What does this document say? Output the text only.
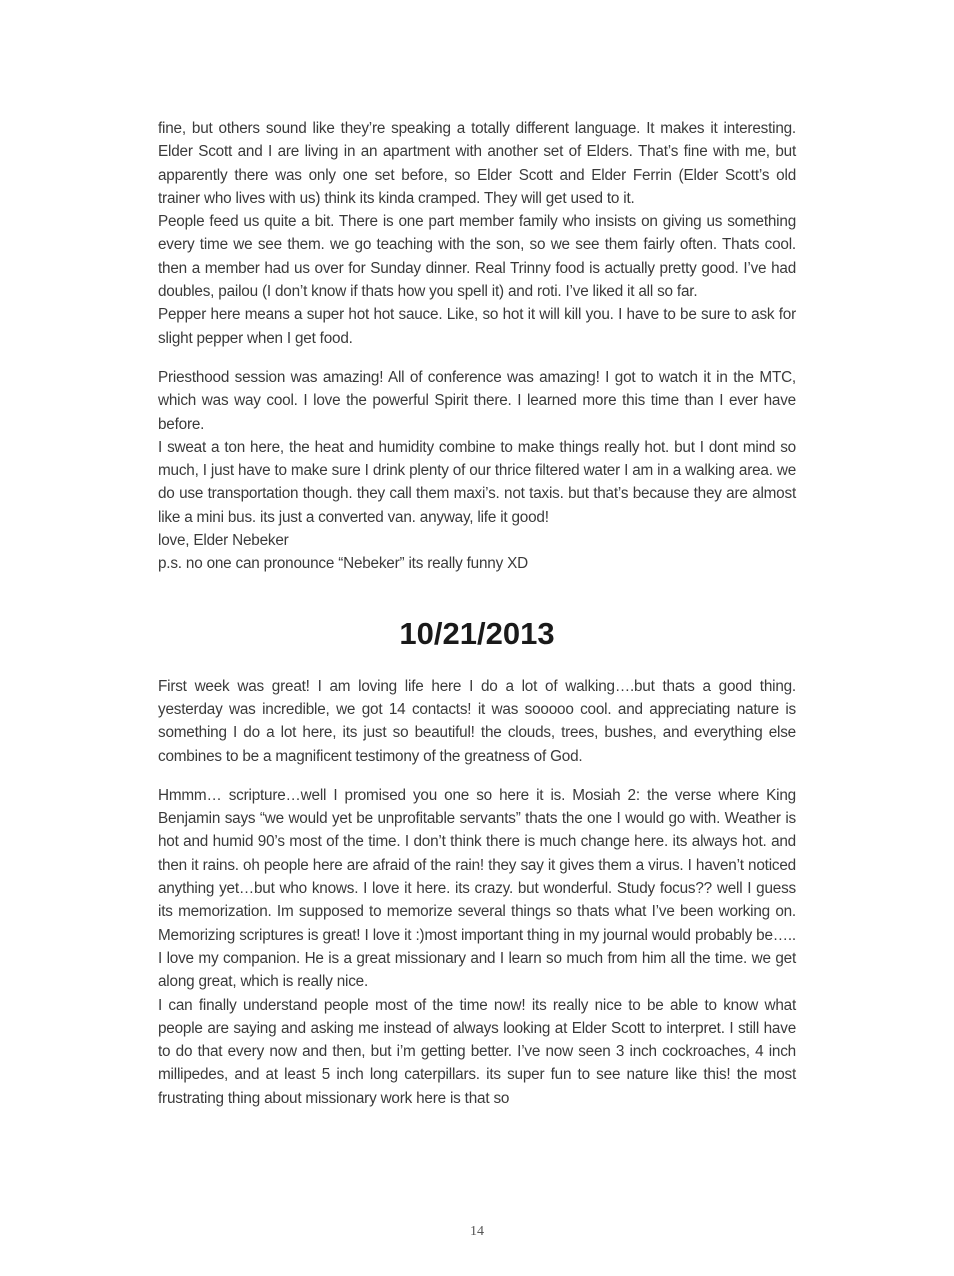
fine, but others sound like they’re speaking a totally different language. It makes it interesting. Elder Scott and I are living in an apartment with another set of Elders. That’s fine with me, but apparently there was only one set before, so Elder Scott and Elder Ferrin (Elder Scott’s old trainer who lives with us) think its kinda cramped. They will get used to it.

People feed us quite a bit. There is one part member family who insists on giving us something every time we see them. we go teaching with the son, so we see them fairly often. Thats cool. then a member had us over for Sunday dinner. Real Trinny food is actually pretty good. I’ve had doubles, pailou (I don’t know if thats how you spell it) and roti. I’ve liked it all so far.

Pepper here means a super hot hot sauce. Like, so hot it will kill you. I have to be sure to ask for slight pepper when I get food.

Priesthood session was amazing! All of conference was amazing! I got to watch it in the MTC, which was way cool. I love the powerful Spirit there. I learned more this time than I ever have before.

I sweat a ton here, the heat and humidity combine to make things really hot. but I dont mind so much, I just have to make sure I drink plenty of our thrice filtered water I am in a walking area. we do use transportation though. they call them maxi’s. not taxis. but that’s because they are almost like a mini bus. its just a converted van. anyway, life it good!

love, Elder Nebeker

p.s. no one can pronounce “Nebeker” its really funny XD

10/21/2013

First week was great! I am loving life here I do a lot of walking….but thats a good thing. yesterday was incredible, we got 14 contacts! it was sooooo cool. and appreciating nature is something I do a lot here, its just so beautiful! the clouds, trees, bushes, and everything else combines to be a magnificent testimony of the greatness of God.

Hmmm… scripture…well I promised you one so here it is. Mosiah 2: the verse where King Benjamin says “we would yet be unprofitable servants” thats the one I would go with. Weather is hot and humid 90’s most of the time. I don’t think there is much change here. its always hot. and then it rains. oh people here are afraid of the rain! they say it gives them a virus. I haven’t noticed anything yet…but who knows. I love it here. its crazy. but wonderful. Study focus?? well I guess its memorization. Im supposed to memorize several things so thats what I’ve been working on. Memorizing scriptures is great! I love it :)most important thing in my journal would probably be….. I love my companion. He is a great missionary and I learn so much from him all the time. we get along great, which is really nice.

I can finally understand people most of the time now! its really nice to be able to know what people are saying and asking me instead of always looking at Elder Scott to interpret. I still have to do that every now and then, but i’m getting better. I’ve now seen 3 inch cockroaches, 4 inch millipedes, and at least 5 inch long caterpillars. its super fun to see nature like this! the most frustrating thing about missionary work here is that so

14
